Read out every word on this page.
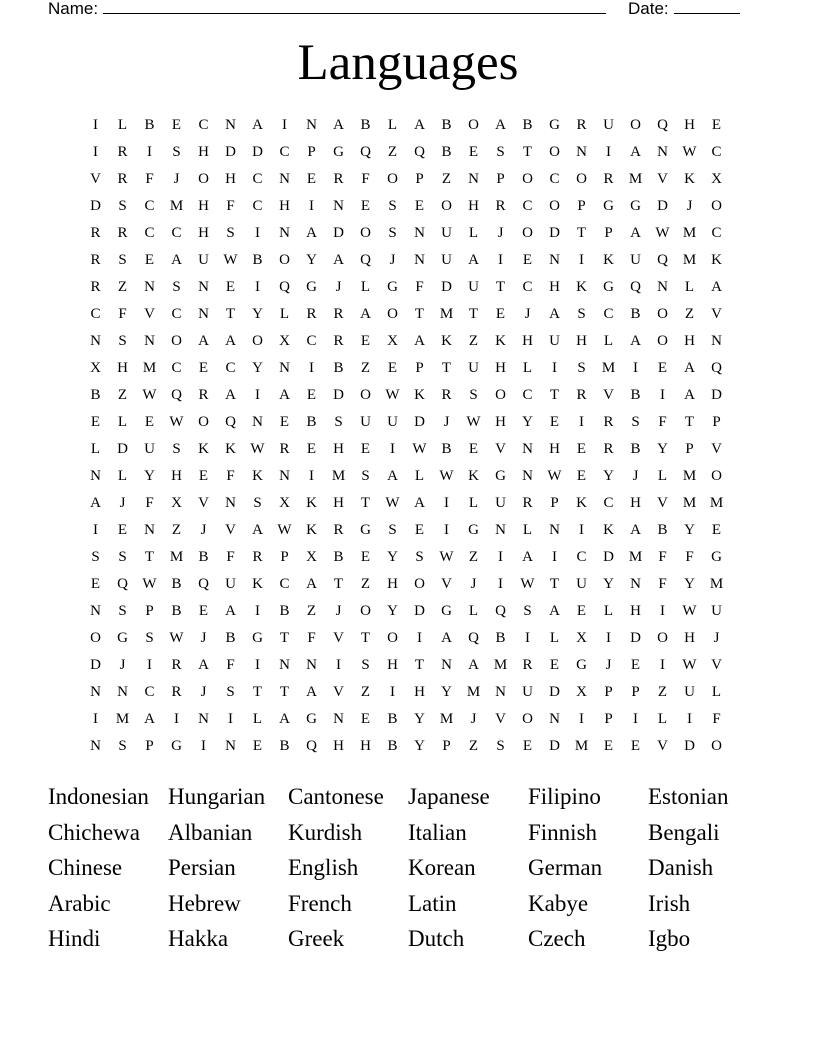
Name:	Date:
Languages
I	L	B	E	C	N	A	I	N	A	B	L	A	B	O	A	B	G	R	U	O	Q	H	E
I	R	I	S	H	D	D	C	P	G	Q	Z	Q	B	E	S	T	O	N	I	A	N W C
V	R	F	J	O	H	C	N	E	R	F	O	P	Z	N	P	O	C	O	R	M V	K	X
D	S	C	M H	F	C	H	I	N	E	S	E	O	H	R	C	O	P	G	G	D	J	O
R	R	C	C	H	S	I	N	A	D	O	S	N	U	L	J	O	D	T	P	A W M	C
R	S	E	A	U W B	O	Y	A	Q	J	N	U	A	I	E	N	I	K	U	Q M K
R	Z	N	S	N	E	I	Q	G	J	L	G	F	D	U	T	C	H	K	G	Q	N	L	A
C	F	V	C	N	T	Y	L	R	R	A	O	T	M	T	E	J	A	S	C	B	O	Z	V
N	S	N	O	A	A	O	X	C	R	E	X	A	K	Z	K	H	U	H	L	A	O	H	N
X	H M	C	E	C	Y	N	I	B	Z	E	P	T	U	H	L	I	S	M	I	E	A	Q
B	Z	W Q	R	A	I	A	E	D	O W K	R	S	O	C	T	R	V	B	I	A	D
E	L	E	W O	Q	N	E	B	S	U	U	D	J	W H	Y	E	I	R	S	F	T	P
L	D	U	S	K	K W R	E	H	E	I	W B	E	V	N	H	E	R	B	Y	P	V
N	L	Y	H	E	F	K	N	I	M	S	A	L	W K	G	N W	E	Y	J	L	M O
A	J	F	X	V	N	S	X	K	H	T	W A	I	L	U	R	P	K	C	H	V M M
I	E	N	Z	J	V	A W K	R	G	S	E	I	G	N	L	N	I	K	A	B	Y	E
S	S	T	M	B	F	R	P	X	B	E	Y	S	W	Z	I	A	I	C	D M	F	F	G
E	Q W B	Q	U	K	C	A	T	Z	H	O	V	J	I	W	T	U	Y	N	F	Y M
N	S	P	B	E	A	I	B	Z	J	O	Y	D	G	L	Q	S	A	E	L	H	I	W U
O	G	S	W	J	B	G	T	F	V	T	O	I	A	Q	B	I	L	X	I	D	O	H	J
D	J	I	R	A	F	I	N	N	I	S	H	T	N	A M	R	E	G	J	E	I	W V
N	N	C	R	J	S	T	T	A	V	Z	I	H	Y M N	U	D	X	P	P	Z	U	L
I	M A	I	N	I	L	A	G	N	E	B	Y M	J	V	O	N	I	P	I	L	I	F
N	S	P	G	I	N	E	B	Q	H	H	B	Y	P	Z	S	E	D M	E	E	V	D	O
Indonesian Hungarian Cantonese	Japanese	Filipino	Estonian
Chichewa	Albanian	Kurdish	Italian	Finnish	Bengali
Chinese	Persian	English	Korean	German	Danish
Arabic	Hebrew	French	Latin	Kabye	Irish
Hindi	Hakka	Greek	Dutch	Czech	Igbo
